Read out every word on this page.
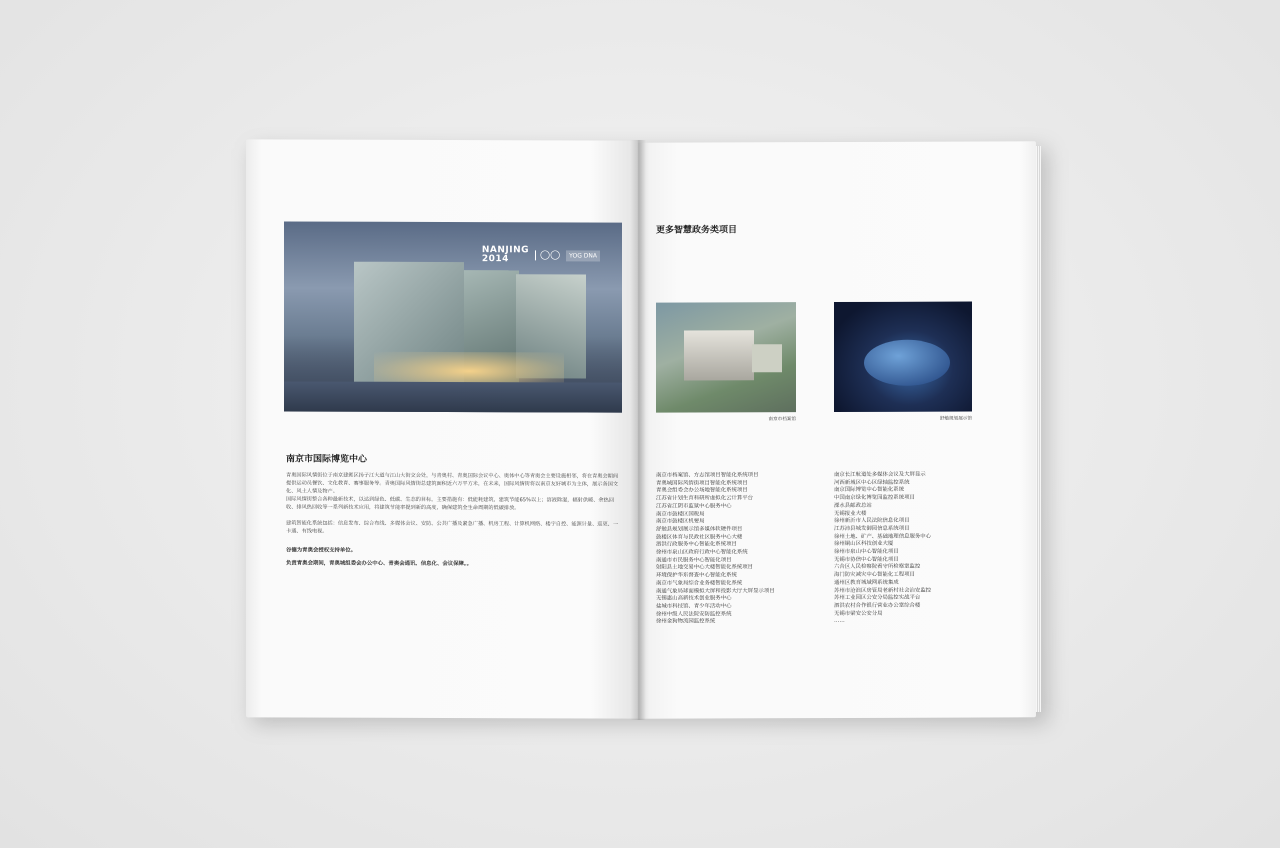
NANJING
2014	◯◯	YOG DNA
南京市国际博览中心
青奥国际风情街位于南京建邺区扬子江大道与江山大街交会处，与青奥村、青奥国际会议中心、奥体中心等青奥会主要设施相邻，将在青奥会期间提供运动员餐饮、文化教育、赛事服务等。青奥国际风情街总建筑面积近六万平方米，在未来，国际风情街将以南京友好城市为主体，展示各国文化、风土人情及物产。
国际风情街整合各种最新技术，以达到绿色、低碳、生态的目标。主要措施有：低能耗建筑，建筑节能65%以上；溶液除湿，辐射供暖、余热回收、排风热回收等一系列新技术应用，将建筑节能率提到新的高度，确保建筑全生命周期的低碳排放。
建筑智能化系统包括：信息发布、综合布线、多媒体会议、安防、公共广播及紧急广播、机房工程、计算机网络、楼宇自控、能源计量、巡更、一卡通、有线电视。
谷德为青奥会授权支持单位。
负责青奥会期间，青奥城组委会办公中心、青奥会通讯、信息化、会议保障。。
更多智慧政务类项目
南京市档案馆	舒勉规划展示馆
南京市档案馆、方志馆项目智能化系统项目
青奥城国际风情街项目智能化系统项目
青奥会组委会办公场地智能化系统项目
江苏省计划生育科研所虚拟化云计算平台
江苏省江阴市监狱中心服务中心
南京市鼓楼区国税局
南京市鼓楼区机要局
舒勉县规划展示馆多媒体软硬件项目
鼓楼区体育与民政社区服务中心大楼
泗洪行政服务中心智能化系统项目
徐州市泉山区政府行政中心智能化系统
南通市市民服务中心智能化项目
射阳县土地交易中心大楼智能化系统项目
环境保护华东督查中心智能化系统
南京市气象局综合业务楼智能化系统
南通气象局球面模拟大屏和投影大厅大屏显示项目
无锡惠山高新技术创业服务中心
盐城市科技馆、青少年活动中心
徐州中级人民法院安防监控系统
徐州金狗物流园监控系统
南京长江航道处多媒体会议及大屏显示
河西新城区中心区绿轴监控系统
南京国际博览中心智能化系统
中国南京绿化博览园监控系统项目
溧水县邮政总站
无锡报业大楼
徐州新沂市人民法院信息化项目
江苏沛县城发御园信息系统项目
徐州土地、矿产、基础地理信息服务中心
徐州铜山区科技创业大厦
徐州市泉山中心智能化项目
无锡市协信中心智能化项目
六合区人民检察院看守所检察室监控
海门防灾减灾中心智能化工程项目
通州区教育城域网系统集成
苏州市沧浪区房管局老新村社会治安监控
苏州工业园区公安分局监控实战平台
泗洪农村合作银行营业办公室综合楼
无锡市梁安公安分局
……
